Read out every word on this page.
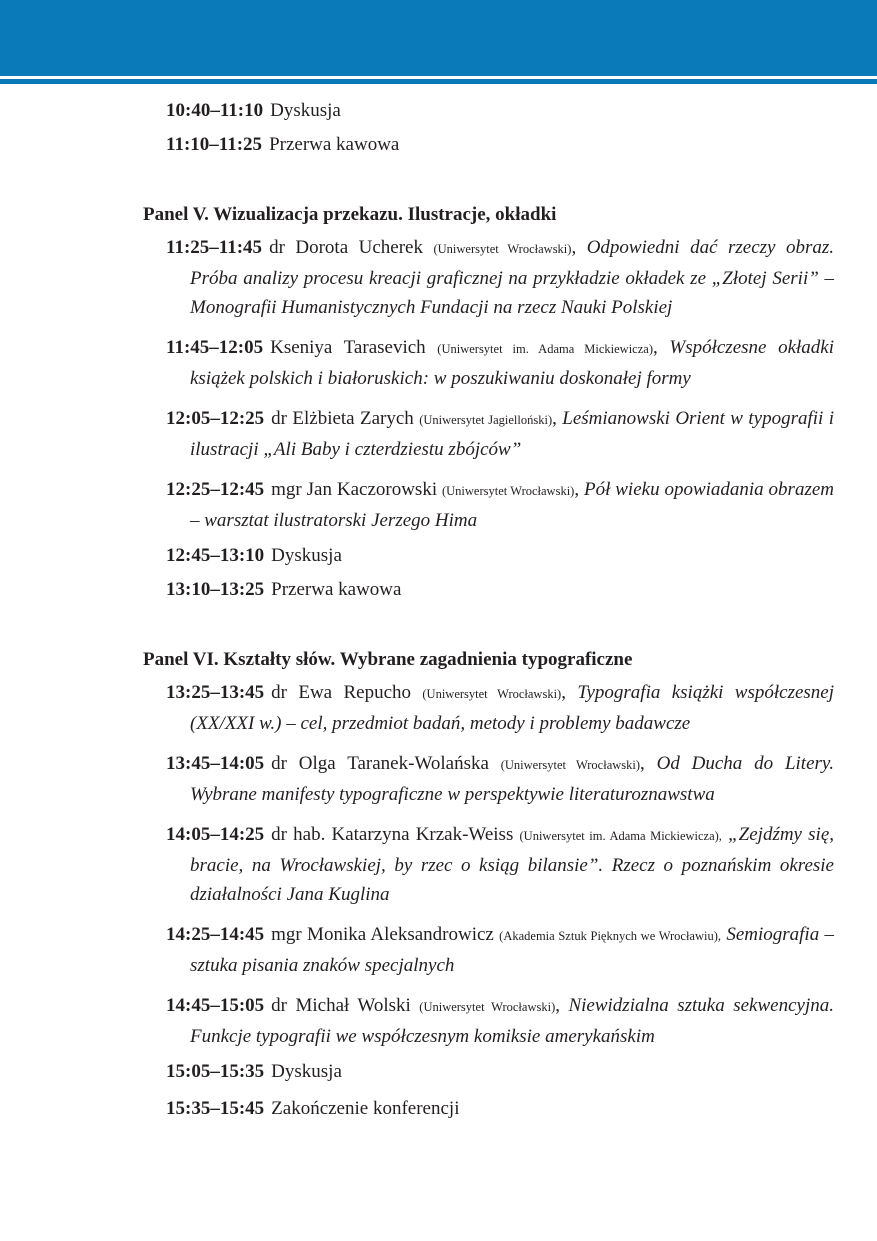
10:40–11:10 Dyskusja
11:10–11:25 Przerwa kawowa
Panel V. Wizualizacja przekazu. Ilustracje, okładki
11:25–11:45 dr Dorota Ucherek (Uniwersytet Wrocławski), Odpowiedni dać rzeczy obraz. Próba analizy procesu kreacji graficznej na przykładzie okładek ze „Złotej Serii” – Monografii Humanistycznych Fundacji na rzecz Nauki Polskiej
11:45–12:05 Kseniya Tarasevich (Uniwersytet im. Adama Mickiewicza), Współczesne okładki książek polskich i białoruskich: w poszukiwaniu doskonałej formy
12:05–12:25 dr Elżbieta Zarych (Uniwersytet Jagielloński), Leśmianowski Orient w typografii i ilustracji „Ali Baby i czterdziestu zbójców”
12:25–12:45 mgr Jan Kaczorowski (Uniwersytet Wrocławski), Pół wieku opowiadania obrazem – warsztat ilustratorski Jerzego Hima
12:45–13:10 Dyskusja
13:10–13:25 Przerwa kawowa
Panel VI. Kształty słów. Wybrane zagadnienia typograficzne
13:25–13:45 dr Ewa Repucho (Uniwersytet Wrocławski), Typografia książki współczesnej (XX/XXI w.) – cel, przedmiot badań, metody i problemy badawcze
13:45–14:05 dr Olga Taranek-Wolańska (Uniwersytet Wrocławski), Od Ducha do Litery. Wybrane manifesty typograficzne w perspektywie literaturoznawstwa
14:05–14:25 dr hab. Katarzyna Krzak-Weiss (Uniwersytet im. Adama Mickiewicza), „Zejdźmy się, bracie, na Wrocławskiej, by rzec o ksiąg bilansie”. Rzecz o poznańskim okresie działalności Jana Kuglina
14:25–14:45 mgr Monika Aleksandrowicz (Akademia Sztuk Pięknych we Wrocławiu), Semiografia – sztuka pisania znaków specjalnych
14:45–15:05 dr Michał Wolski (Uniwersytet Wrocławski), Niewidzialna sztuka sekwencyjna. Funkcje typografii we współczesnym komiksie amerykańskim
15:05–15:35 Dyskusja
15:35–15:45 Zakończenie konferencji
